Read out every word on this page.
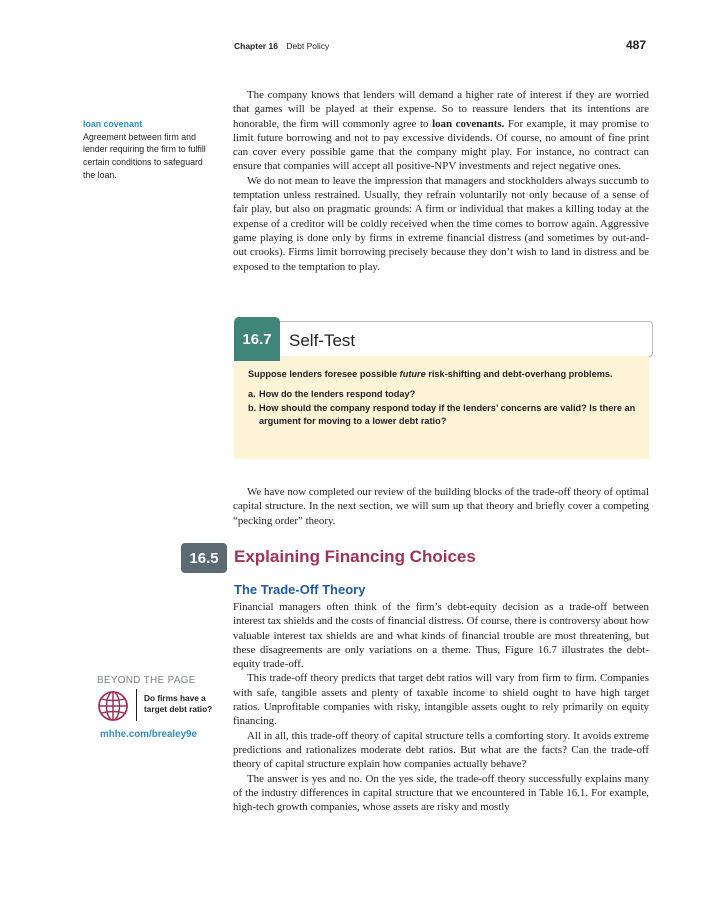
Chapter 16 Debt Policy	487
loan covenant
Agreement between firm and lender requiring the firm to fulfill certain conditions to safeguard the loan.

The company knows that lenders will demand a higher rate of interest if they are worried that games will be played at their expense. So to reassure lenders that its intentions are honorable, the firm will commonly agree to loan covenants. For example, it may promise to limit future borrowing and not to pay excessive dividends. Of course, no amount of fine print can cover every possible game that the company might play. For instance, no contract can ensure that companies will accept all positive-NPV investments and reject negative ones.

We do not mean to leave the impression that managers and stockholders always succumb to temptation unless restrained. Usually, they refrain voluntarily not only because of a sense of fair play, but also on pragmatic grounds: A firm or individual that makes a killing today at the expense of a creditor will be coldly received when the time comes to borrow again. Aggressive game playing is done only by firms in extreme financial distress (and sometimes by out-and-out crooks). Firms limit borrowing precisely because they don’t wish to land in distress and be exposed to the temptation to play.

16.7	Self-Test

Suppose lenders foresee possible future risk-shifting and debt-overhang problems.

a. How do the lenders respond today?
b. How should the company respond today if the lenders’ concerns are valid? Is there an argument for moving to a lower debt ratio?

We have now completed our review of the building blocks of the trade-off theory of optimal capital structure. In the next section, we will sum up that theory and briefly cover a competing “pecking order” theory.

16.5 Explaining Financing Choices
The Trade-Off Theory

Financial managers often think of the firm’s debt-equity decision as a trade-off between interest tax shields and the costs of financial distress. Of course, there is controversy about how valuable interest tax shields are and what kinds of financial trouble are most threatening, but these disagreements are only variations on a theme. Thus, Figure 16.7 illustrates the debt-equity trade-off.

This trade-off theory predicts that target debt ratios will vary from firm to firm. Companies with safe, tangible assets and plenty of taxable income to shield ought to have high target ratios. Unprofitable companies with risky, intangible assets ought to rely primarily on equity financing.

All in all, this trade-off theory of capital structure tells a comforting story. It avoids extreme predictions and rationalizes moderate debt ratios. But what are the facts? Can the trade-off theory of capital structure explain how companies actually behave?

The answer is yes and no. On the yes side, the trade-off theory successfully explains many of the industry differences in capital structure that we encountered in Table 16.1. For example, high-tech growth companies, whose assets are risky and mostly

BEYOND THE PAGE
Do firms have a target debt ratio?
mhhe.com/brealey9e
